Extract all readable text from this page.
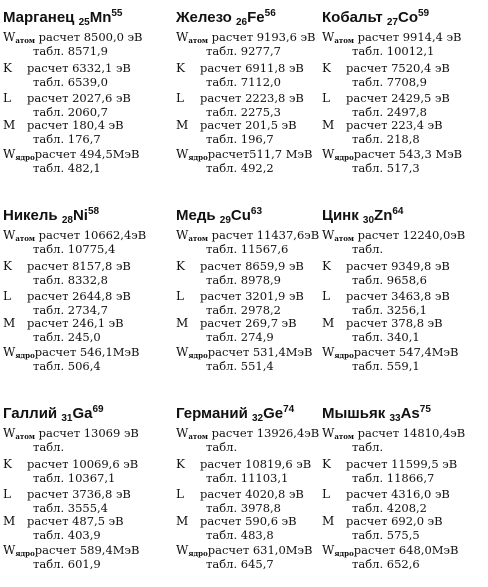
Марганец $_{25}Mn^{55}$
$W_{атом}$ расчет 8500,0 эВ
табл. 8571,9
K расчет 6332,1 эВ
табл. 6539,0
L расчет 2027,6 эВ
табл. 2060,7
M расчет 180,4 эВ
табл. 176,7
$W_{ядро}расчет$ 494,5МэВ
табл. 482,1
Железо $_{26}Fe^{56}$
$W_{атом}$ расчет 9193,6 эВ
табл. 9277,7
K расчет 6911,8 эВ
табл. 7112,0
L расчет 2223,8 эВ
табл. 2275,3
M расчет 201,5 эВ
табл. 196,7
$W_{ядро}расчет511,7$ МэВ
табл. 492,2
Кобальт $_{27}Co^{59}$
$W_{атом}$ расчет 9914,4 эВ
табл. 10012,1
K расчет 7520,4 эВ
табл. 7708,9
L расчет 2429,5 эВ
табл. 2497,8
M расчет 223,4 эВ
табл. 218,8
$W_{ядро}расчет$ 543,3 МэВ
табл. 517,3
Никель $_{28}Ni^{58}$
$W_{атом}$ расчет 10662,4эВ
табл. 10775,4
K расчет 8157,8 эВ
табл. 8332,8
L расчет 2644,8 эВ
табл. 2734,7
M расчет 246,1 эВ
табл. 245,0
$W_{ядро}расчет$ 546,1МэВ
табл. 506,4
Медь $_{29}Cu^{63}$
$W_{атом}$ расчет 11437,6эВ
табл. 11567,6
K расчет 8659,9 эВ
табл. 8978,9
L расчет 3201,9 эВ
табл. 2978,2
M расчет 269,7 эВ
табл. 274,9
$W_{ядро}расчет$ 531,4МэВ
табл. 551,4
Цинк $_{30}Zn^{64}$
$W_{атом}$ расчет 12240,0эВ
табл.
K расчет 9349,8 эВ
табл. 9658,6
L расчет 3463,8 эВ
табл. 3256,1
M расчет 378,8 эВ
табл. 340,1
$W_{ядро}расчет$ 547,4МэВ
табл. 559,1
Галлий $_{31}Ga^{69}$
$W_{атом}$ расчет 13069 эВ
табл.
K расчет 10069,6 эВ
табл. 10367,1
L расчет 3736,8 эВ
табл. 3555,4
M расчет 487,5 эВ
табл. 403,9
$W_{ядро}расчет$ 589,4МэВ
табл. 601,9
Германий $_{32}Ge^{74}$
$W_{атом}$ расчет 13926,4эВ
табл.
K расчет 10819,6 эВ
табл. 11103,1
L расчет 4020,8 эВ
табл. 3978,8
M расчет 590,6 эВ
табл. 483,8
$W_{ядро}расчет$ 631,0МэВ
табл. 645,7
Мышьяк $_{33}As^{75}$
$W_{атом}$ расчет 14810,4эВ
табл.
K расчет 11599,5 эВ
табл. 11866,7
L расчет 4316,0 эВ
табл. 4208,2
M расчет 692,0 эВ
табл. 575,5
$W_{ядро}расчет$ 648,0МэВ
табл. 652,6
